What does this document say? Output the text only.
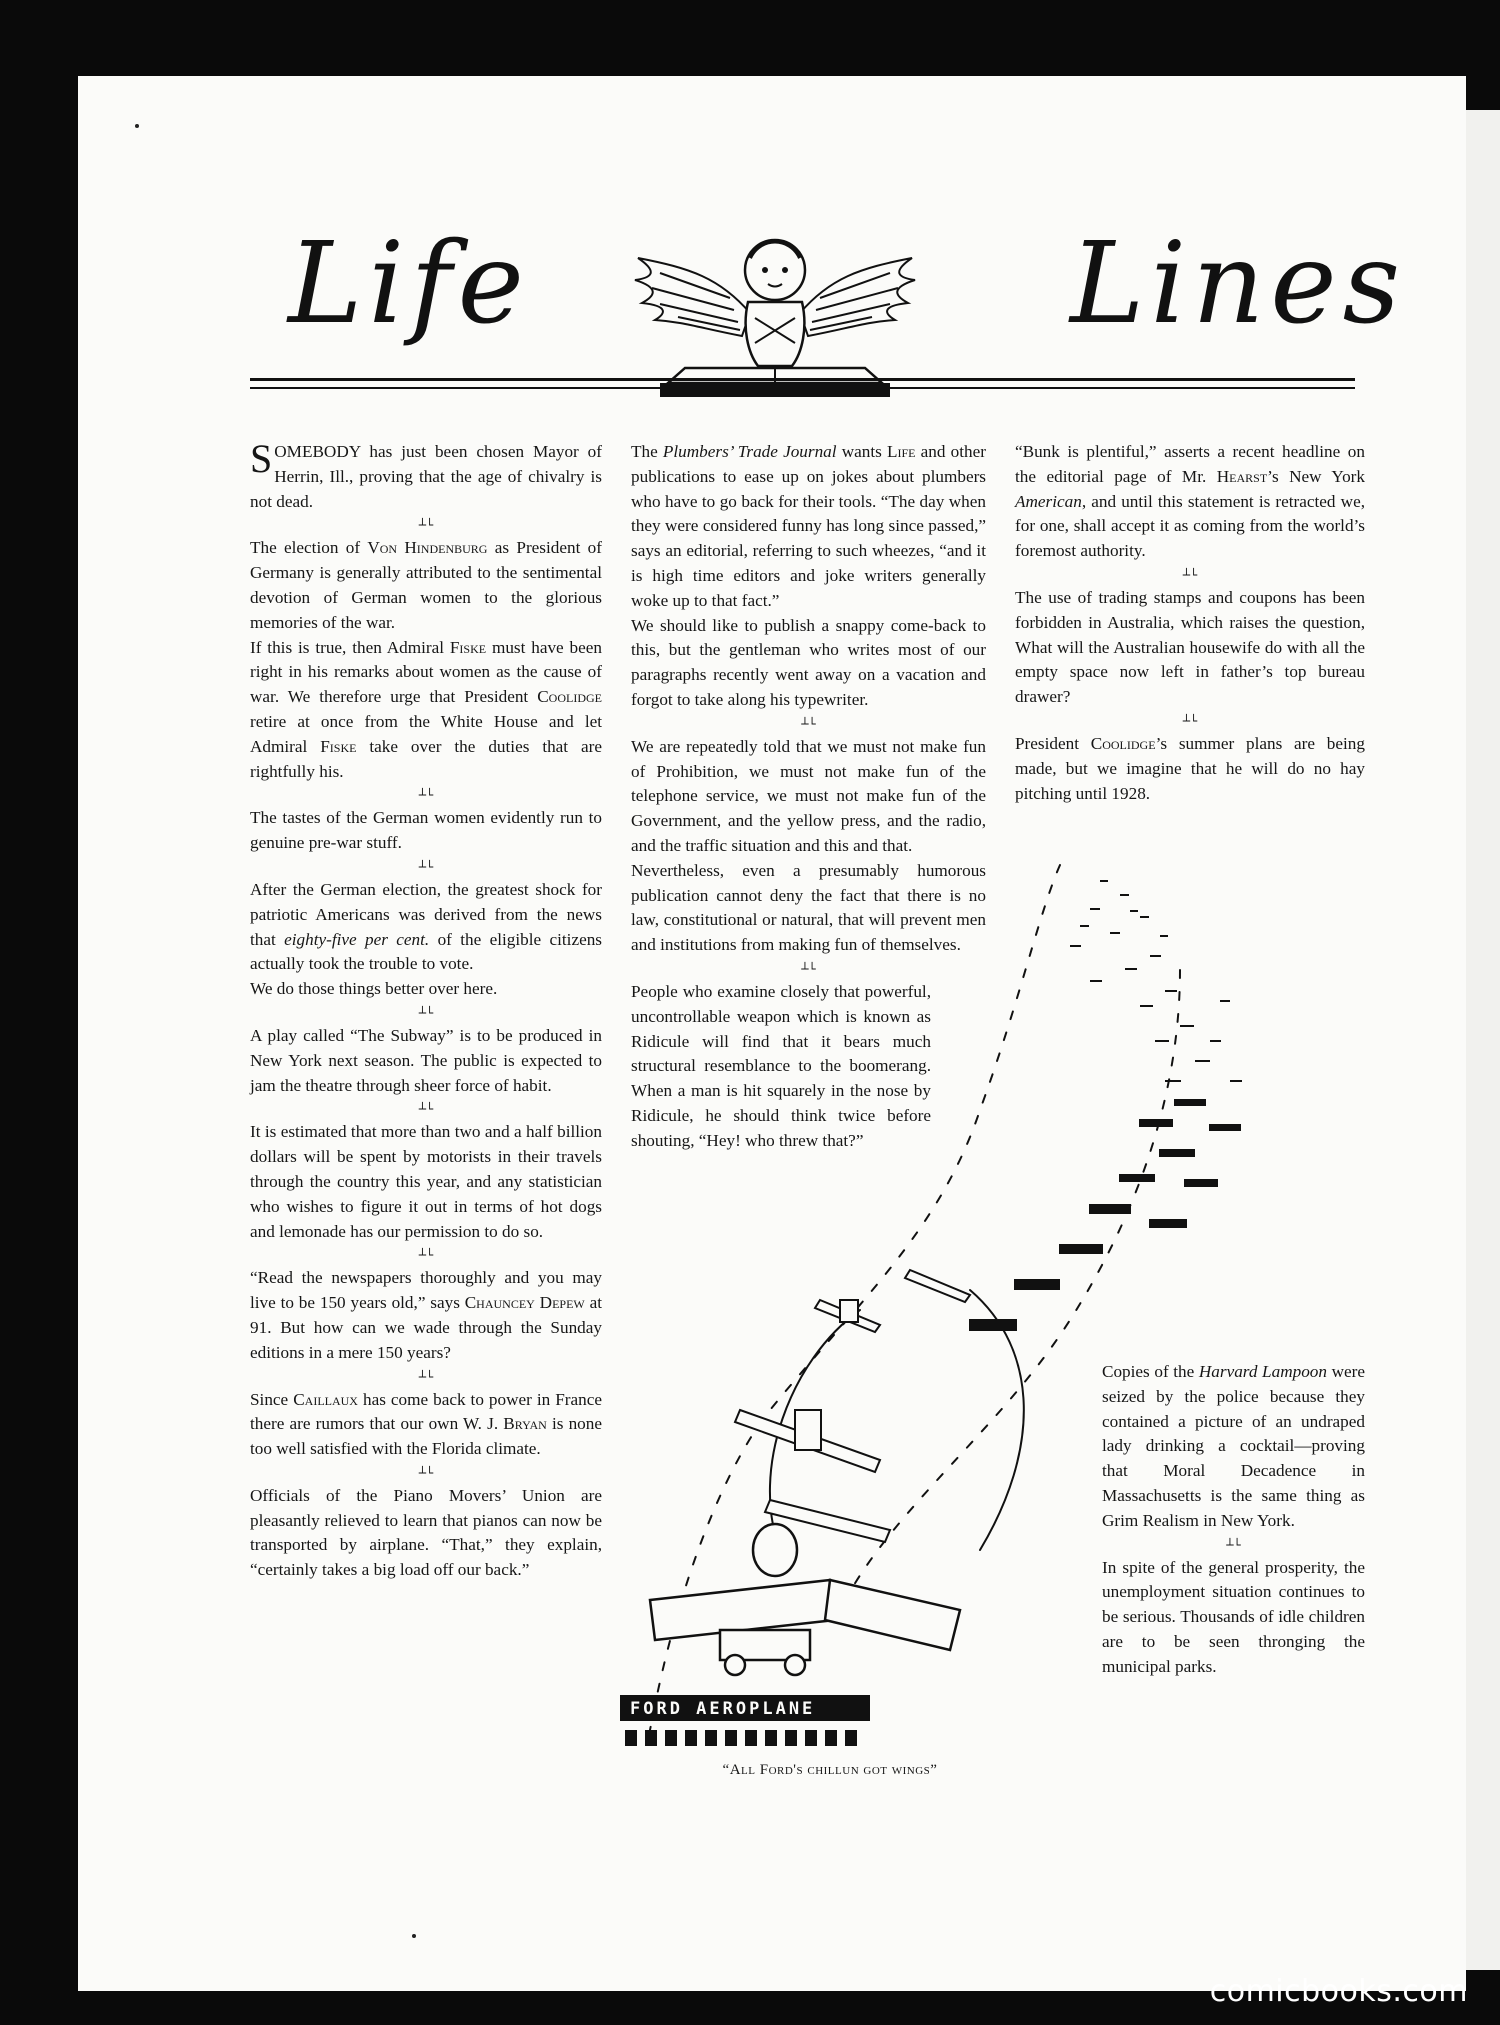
Life	Lines

SOMEBODY has just been chosen Mayor of Herrin, Ill., proving that the age of chivalry is not dead.

┴└

The election of Von Hindenburg as President of Germany is generally attributed to the sentimental devotion of German women to the glorious memories of the war.

If this is true, then Admiral Fiske must have been right in his remarks about women as the cause of war. We therefore urge that President Coolidge retire at once from the White House and let Admiral Fiske take over the duties that are rightfully his.

┴└

The tastes of the German women evidently run to genuine pre-war stuff.

┴└

After the German election, the greatest shock for patriotic Americans was derived from the news that eighty-five per cent. of the eligible citizens actually took the trouble to vote.

We do those things better over here.

┴└

A play called “The Subway” is to be produced in New York next season. The public is expected to jam the theatre through sheer force of habit.

┴└

It is estimated that more than two and a half billion dollars will be spent by motorists in their travels through the country this year, and any statistician who wishes to figure it out in terms of hot dogs and lemonade has our permission to do so.

┴└

“Read the newspapers thoroughly and you may live to be 150 years old,” says Chauncey Depew at 91. But how can we wade through the Sunday editions in a mere 150 years?

┴└

Since Caillaux has come back to power in France there are rumors that our own W. J. Bryan is none too well satisfied with the Florida climate.

┴└

Officials of the Piano Movers’ Union are pleasantly relieved to learn that pianos can now be transported by airplane. “That,” they explain, “certainly takes a big load off our back.”

The Plumbers’ Trade Journal wants Life and other publications to ease up on jokes about plumbers who have to go back for their tools. “The day when they were considered funny has long since passed,” says an editorial, referring to such wheezes, “and it is high time editors and joke writers generally woke up to that fact.”

We should like to publish a snappy come-back to this, but the gentleman who writes most of our paragraphs recently went away on a vacation and forgot to take along his typewriter.

┴└

We are repeatedly told that we must not make fun of Prohibition, we must not make fun of the telephone service, we must not make fun of the Government, and the yellow press, and the radio, and the traffic situation and this and that.

Nevertheless, even a presumably humorous publication cannot deny the fact that there is no law, constitutional or natural, that will prevent men and institutions from making fun of themselves.

┴└

People who examine closely that powerful, uncontrollable weapon which is known as Ridicule will find that it bears much structural resemblance to the boomerang. When a man is hit squarely in the nose by Ridicule, he should think twice before shouting, “Hey! who threw that?”

“Bunk is plentiful,” asserts a recent headline on the editorial page of Mr. Hearst’s New York American, and until this statement is retracted we, for one, shall accept it as coming from the world’s foremost authority.

┴└

The use of trading stamps and coupons has been forbidden in Australia, which raises the question, What will the Australian housewife do with all the empty space now left in father’s top bureau drawer?

┴└

President Coolidge’s summer plans are being made, but we imagine that he will do no hay pitching until 1928.

Copies of the Harvard Lampoon were seized by the police because they contained a picture of an undraped lady drinking a cocktail—proving that Moral Decadence in Massachusetts is the same thing as Grim Realism in New York.

┴└

In spite of the general prosperity, the unemployment situation continues to be serious. Thousands of idle children are to be seen thronging the municipal parks.

FORD AEROPLANE
“ All Ford's chillun got wings ”
comicbooks.com
